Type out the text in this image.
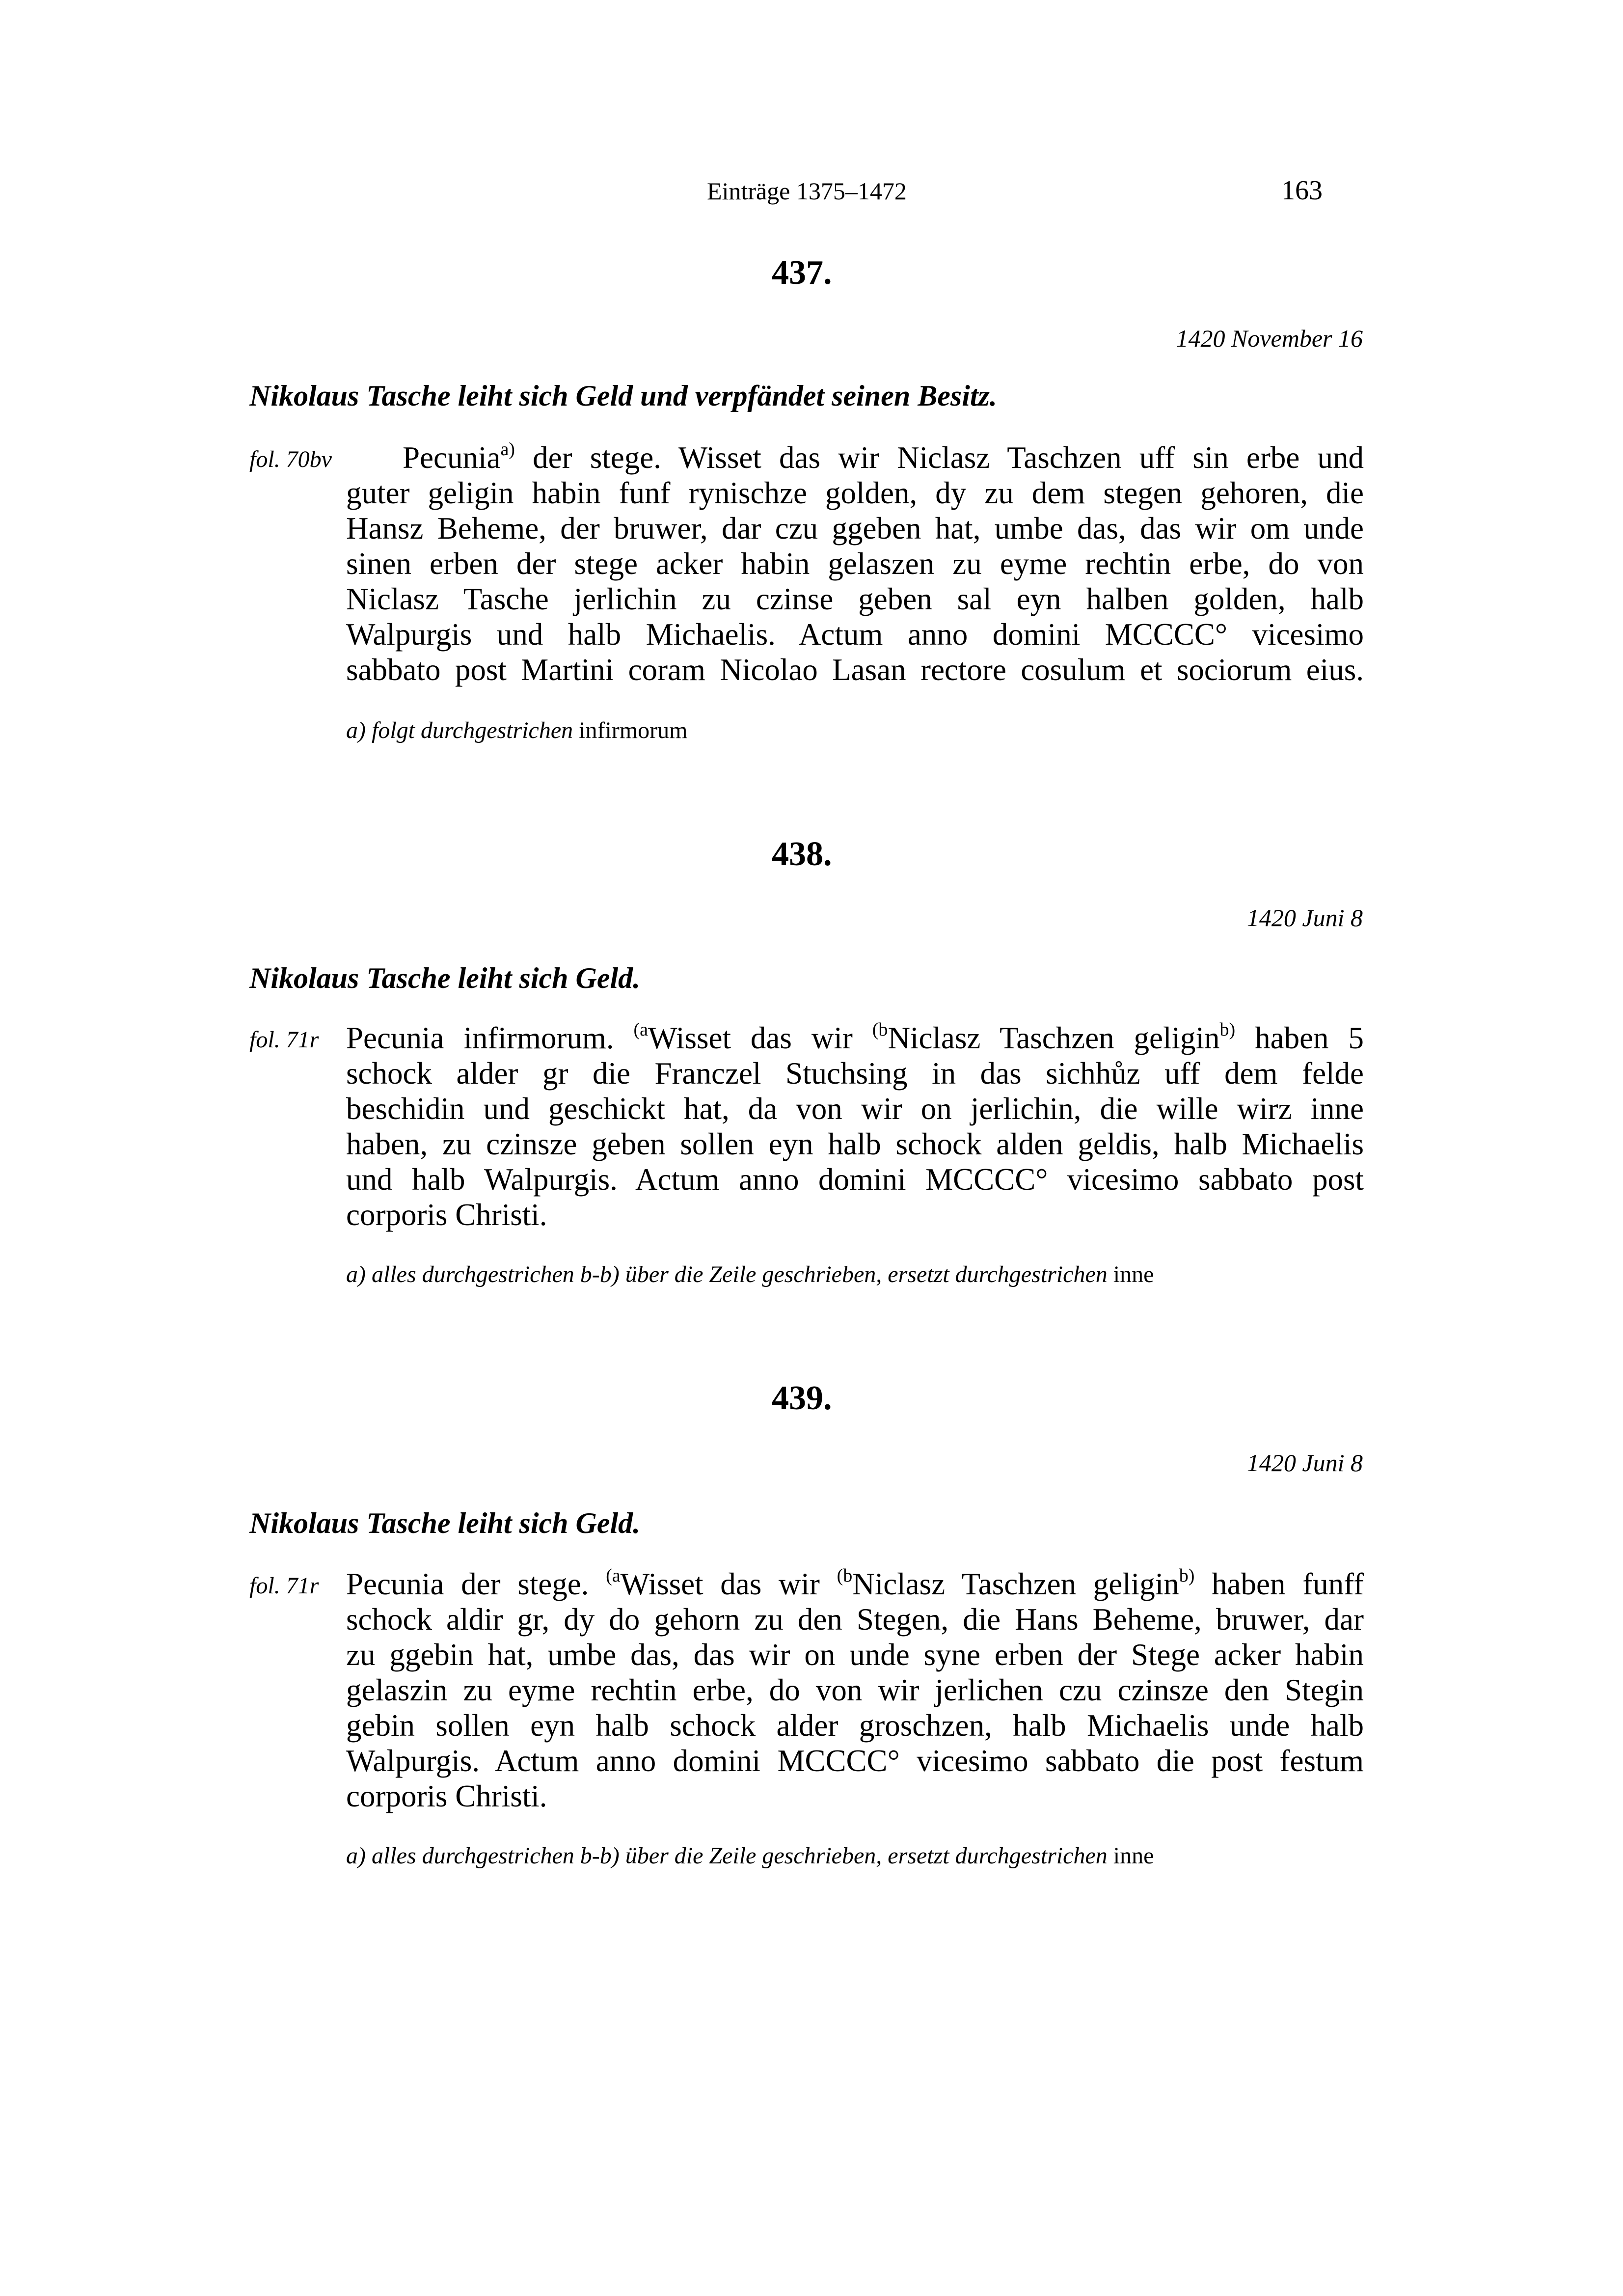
Einträge 1375–1472	163
437.
1420 November 16
Nikolaus Tasche leiht sich Geld und verpfändet seinen Besitz.
fol. 70bv Pecunia$^{a)}$ der stege. Wisset das wir Niclasz Taschzen uff sin erbe und
guter geligin habin funf rynischze golden, dy zu dem stegen gehoren, die
Hansz Beheme, der bruwer, dar czu ggeben hat, umbe das, das wir om unde
sinen erben der stege acker habin gelaszen zu eyme rechtin erbe, do von
Niclasz Tasche jerlichin zu czinse geben sal eyn halben golden, halb
Walpurgis und halb Michaelis. Actum anno domini MCCCC° vicesimo
sabbato post Martini coram Nicolao Lasan rectore cosulum et sociorum eius.
a) folgt durchgestrichen infirmorum
438.
1420 Juni 8
Nikolaus Tasche leiht sich Geld.
fol. 71r Pecunia infirmorum. $^{(a}$Wisset das wir $^{(b}$Niclasz Taschzen geligin$^{b)}$ haben 5
schock alder gr die Franczel Stuchsing in das sichhůz uff dem felde
beschidin und geschickt hat, da von wir on jerlichin, die wille wirz inne
haben, zu czinsze geben sollen eyn halb schock alden geldis, halb Michaelis
und halb Walpurgis. Actum anno domini MCCCC° vicesimo sabbato post
corporis Christi.
a) alles durchgestrichen b-b) über die Zeile geschrieben, ersetzt durchgestrichen inne
439.
1420 Juni 8
Nikolaus Tasche leiht sich Geld.
fol. 71r Pecunia der stege. $^{(a}$Wisset das wir $^{(b}$Niclasz Taschzen geligin$^{b)}$ haben funff
schock aldir gr, dy do gehorn zu den Stegen, die Hans Beheme, bruwer, dar
zu ggebin hat, umbe das, das wir on unde syne erben der Stege acker habin
gelaszin zu eyme rechtin erbe, do von wir jerlichen czu czinsze den Stegin
gebin sollen eyn halb schock alder groschzen, halb Michaelis unde halb
Walpurgis. Actum anno domini MCCCC° vicesimo sabbato die post festum
corporis Christi.
a) alles durchgestrichen b-b) über die Zeile geschrieben, ersetzt durchgestrichen inne
